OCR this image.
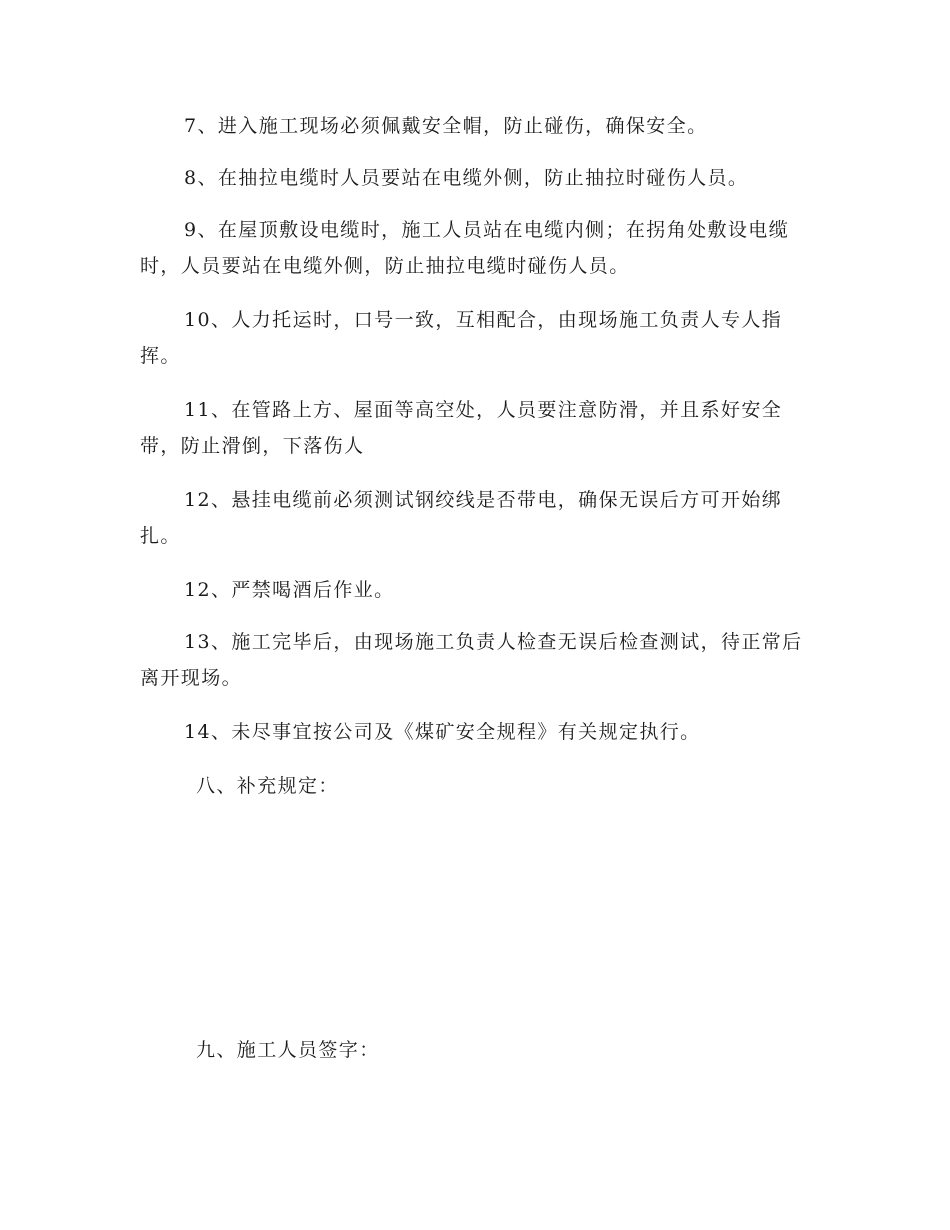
7、进入施工现场必须佩戴安全帽，防止碰伤，确保安全。

8、在抽拉电缆时人员要站在电缆外侧，防止抽拉时碰伤人员。

9、在屋顶敷设电缆时，施工人员站在电缆内侧；在拐角处敷设电缆时，人员要站在电缆外侧，防止抽拉电缆时碰伤人员。

10、人力托运时，口号一致，互相配合，由现场施工负责人专人指挥。

11、在管路上方、屋面等高空处，人员要注意防滑，并且系好安全带，防止滑倒，下落伤人

12、悬挂电缆前必须测试钢绞线是否带电，确保无误后方可开始绑扎。

12、严禁喝酒后作业。

13、施工完毕后，由现场施工负责人检查无误后检查测试，待正常后离开现场。

14、未尽事宜按公司及《煤矿安全规程》有关规定执行。

八、补充规定：

九、施工人员签字：
